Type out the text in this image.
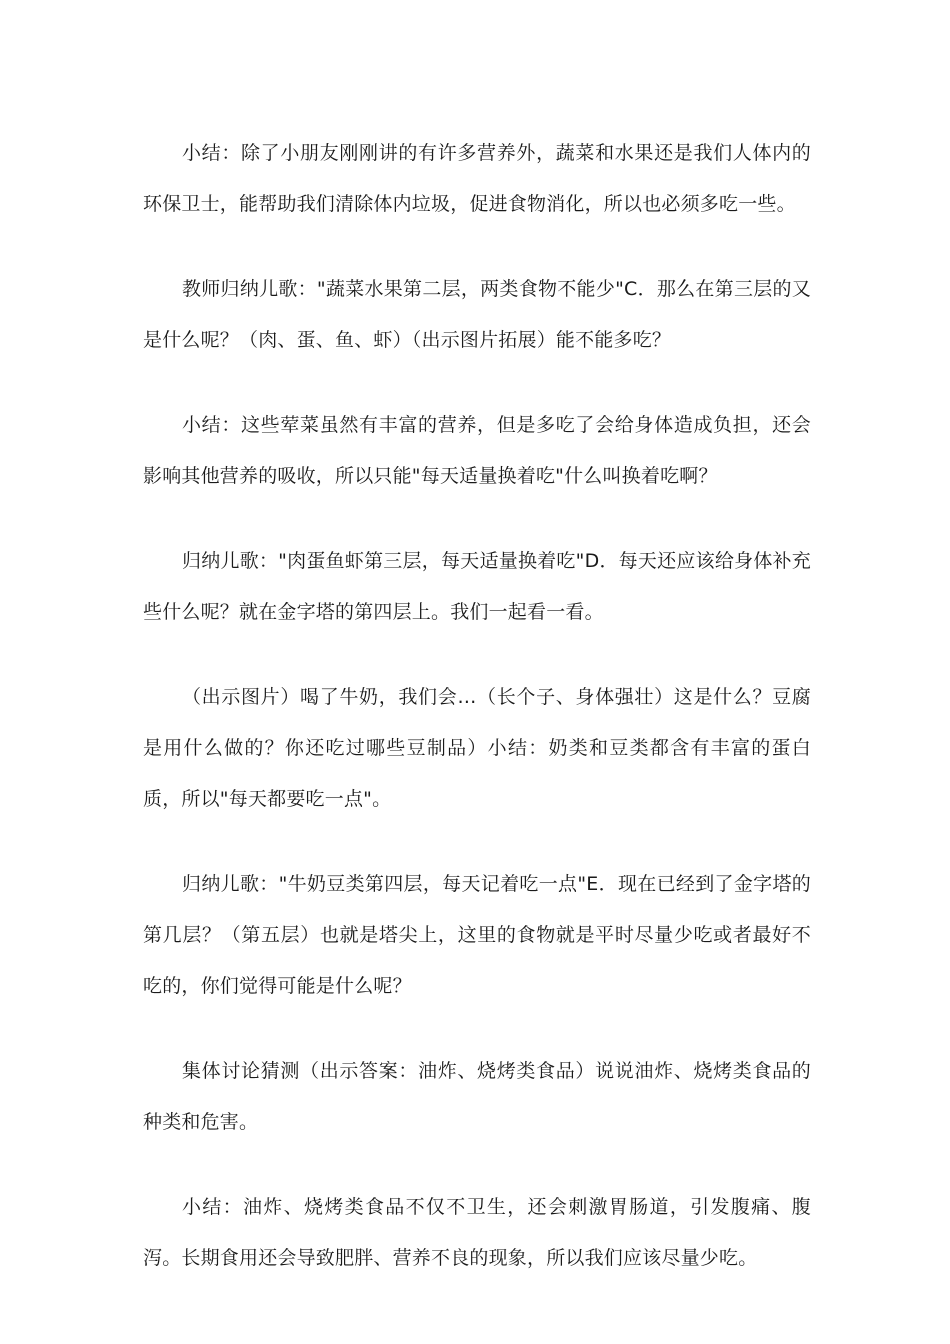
小结：除了小朋友刚刚讲的有许多营养外，蔬菜和水果还是我们人体内的环保卫士，能帮助我们清除体内垃圾，促进食物消化，所以也必须多吃一些。

教师归纳儿歌："蔬菜水果第二层，两类食物不能少"C．那么在第三层的又是什么呢？（肉、蛋、鱼、虾）（出示图片拓展）能不能多吃？

小结：这些荤菜虽然有丰富的营养，但是多吃了会给身体造成负担，还会影响其他营养的吸收，所以只能"每天适量换着吃"什么叫换着吃啊？

归纳儿歌："肉蛋鱼虾第三层，每天适量换着吃"D．每天还应该给身体补充些什么呢？就在金字塔的第四层上。我们一起看一看。

（出示图片）喝了牛奶，我们会…（长个子、身体强壮）这是什么？豆腐是用什么做的？你还吃过哪些豆制品）小结：奶类和豆类都含有丰富的蛋白质，所以"每天都要吃一点"。

归纳儿歌："牛奶豆类第四层，每天记着吃一点"E．现在已经到了金字塔的第几层？（第五层）也就是塔尖上，这里的食物就是平时尽量少吃或者最好不吃的，你们觉得可能是什么呢？

集体讨论猜测（出示答案：油炸、烧烤类食品）说说油炸、烧烤类食品的种类和危害。

小结：油炸、烧烤类食品不仅不卫生，还会刺激胃肠道，引发腹痛、腹泻。长期食用还会导致肥胖、营养不良的现象，所以我们应该尽量少吃。
